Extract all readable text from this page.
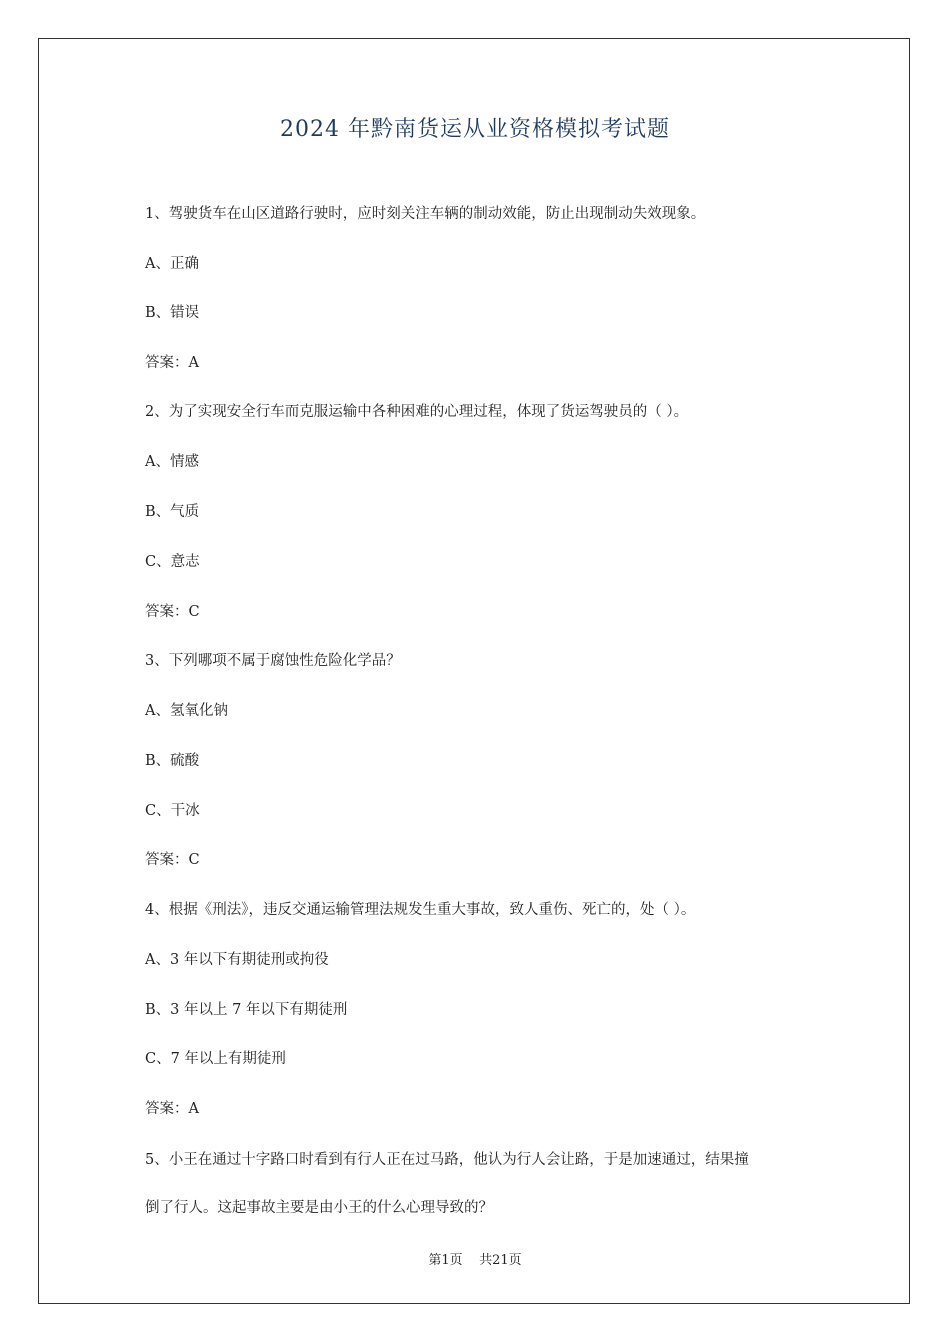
2024 年黔南货运从业资格模拟考试题
1、驾驶货车在山区道路行驶时，应时刻关注车辆的制动效能，防止出现制动失效现象。
A、正确
B、错误
答案：A
2、为了实现安全行车而克服运输中各种困难的心理过程，体现了货运驾驶员的（ ）。
A、情感
B、气质
C、意志
答案：C
3、下列哪项不属于腐蚀性危险化学品？
A、氢氧化钠
B、硫酸
C、干冰
答案：C
4、根据《刑法》，违反交通运输管理法规发生重大事故，致人重伤、死亡的，处（ ）。
A、3 年以下有期徒刑或拘役
B、3 年以上 7 年以下有期徒刑
C、7 年以上有期徒刑
答案：A
5、小王在通过十字路口时看到有行人正在过马路，他认为行人会让路，于是加速通过，结果撞
倒了行人。这起事故主要是由小王的什么心理导致的？
第1页    共21页
